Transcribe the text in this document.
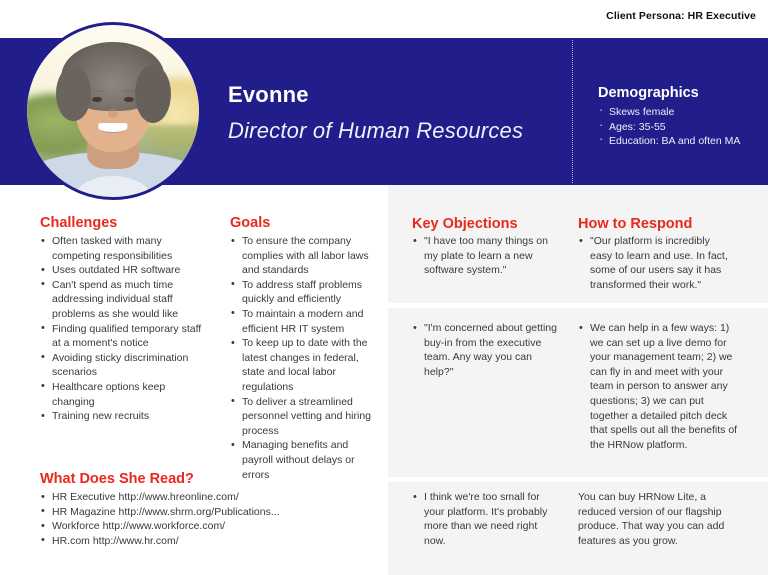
Client Persona: HR Executive
Evonne
Director of Human Resources
Demographics
· Skews female
· Ages: 35-55
· Education: BA and often MA
Challenges
• Often tasked with many competing responsibilities
• Uses outdated HR software
• Can't spend as much time addressing individual staff problems as she would like
• Finding qualified temporary staff at a moment's notice
• Avoiding sticky discrimination scenarios
• Healthcare options keep changing
• Training new recruits
Goals
• To ensure the company complies with all labor laws and standards
• To address staff problems quickly and efficiently
• To maintain a modern and efficient HR IT system
• To keep up to date with the latest changes in federal, state and local labor regulations
• To deliver a streamlined personnel vetting and hiring process
• Managing benefits and payroll without delays or errors
What Does She Read?
• HR Executive http://www.hreonline.com/
• HR Magazine http://www.shrm.org/Publications...
• Workforce http://www.workforce.com/
• HR.com http://www.hr.com/
Key Objections	How to Respond
• "I have too many things on my plate to learn a new software system."
• "I'm concerned about getting buy-in from the executive team. Any way you can help?"
• I think we're too small for your platform. It's probably more than we need right now.
• "Our platform is incredibly easy to learn and use. In fact, some of our users say it has transformed their work."
• We can help in a few ways: 1) we can set up a live demo for your management team; 2) we can fly in and meet with your team in person to answer any questions; 3) we can put together a detailed pitch deck that spells out all the benefits of the HRNow platform.
You can buy HRNow Lite, a reduced version of our flagship produce. That way you can add features as you grow.
